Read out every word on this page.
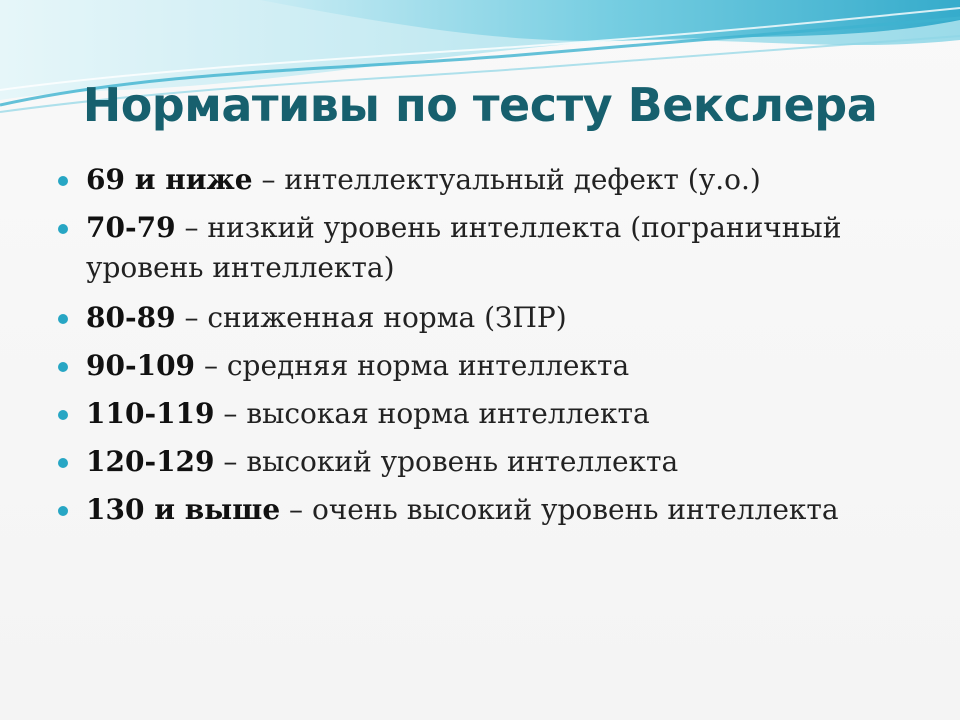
Нормативы по тесту Векслера
69 и ниже – интеллектуальный дефект (у.о.)
70-79 – низкий уровень интеллекта (пограничный уровень интеллекта)
80-89 – сниженная норма (ЗПР)
90-109 – средняя норма интеллекта
110-119 – высокая норма интеллекта
120-129 – высокий уровень интеллекта
130 и выше – очень высокий уровень интеллекта
